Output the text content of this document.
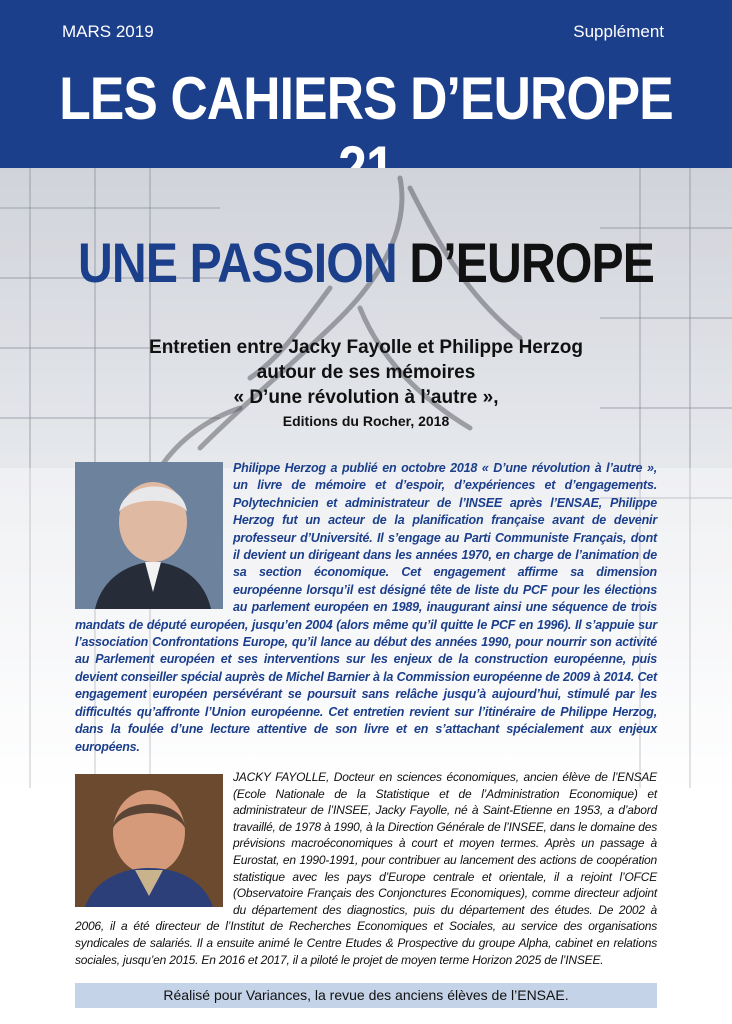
MARS 2019	Supplément
LES CAHIERS D’EUROPE
UNE PASSION D’EUROPE
Entretien entre Jacky Fayolle et Philippe Herzog
autour de ses mémoires
« D’une révolution à l’autre »,
Editions du Rocher, 2018
Philippe Herzog a publié en octobre 2018 « D’une révolution à l’autre », un livre de mémoire et d’espoir, d’expériences et d’engagements. Polytechnicien et administrateur de l’INSEE après l’ENSAE, Philippe Herzog fut un acteur de la planification française avant de devenir professeur d’Université. Il s’engage au Parti Communiste Français, dont il devient un dirigeant dans les années 1970, en charge de l’animation de sa section économique. Cet engagement affirme sa dimension européenne lorsqu’il est désigné tête de liste du PCF pour les élections au parlement européen en 1989, inaugurant ainsi une séquence de trois mandats de député européen, jusqu’en 2004 (alors même qu’il quitte le PCF en 1996). Il s’appuie sur l’association Confrontations Europe, qu’il lance au début des années 1990, pour nourrir son activité au Parlement européen et ses interventions sur les enjeux de la construction européenne, puis devient conseiller spécial auprès de Michel Barnier à la Commission européenne de 2009 à 2014. Cet engagement européen persévérant se poursuit sans relâche jusqu’à aujourd’hui, stimulé par les difficultés qu’affronte l’Union européenne. Cet entretien revient sur l’itinéraire de Philippe Herzog, dans la foulée d’une lecture attentive de son livre et en s’attachant spécialement aux enjeux européens.
JACKY FAYOLLE, Docteur en sciences économiques, ancien élève de l’ENSAE (Ecole Nationale de la Statistique et de l’Administration Economique) et administrateur de l’INSEE, Jacky Fayolle, né à Saint-Etienne en 1953, a d’abord travaillé, de 1978 à 1990, à la Direction Générale de l’INSEE, dans le domaine des prévisions macroéconomiques à court et moyen termes. Après un passage à Eurostat, en 1990-1991, pour contribuer au lancement des actions de coopération statistique avec les pays d’Europe centrale et orientale, il a rejoint l’OFCE (Observatoire Français des Conjonctures Economiques), comme directeur adjoint du département des diagnostics, puis du département des études. De 2002 à 2006, il a été directeur de l’Institut de Recherches Economiques et Sociales, au service des organisations syndicales de salariés. Il a ensuite animé le Centre Etudes & Prospective du groupe Alpha, cabinet en relations sociales, jusqu’en 2015. En 2016 et 2017, il a piloté le projet de moyen terme Horizon 2025 de l’INSEE.
Réalisé pour Variances, la revue des anciens élèves de l’ENSAE.
